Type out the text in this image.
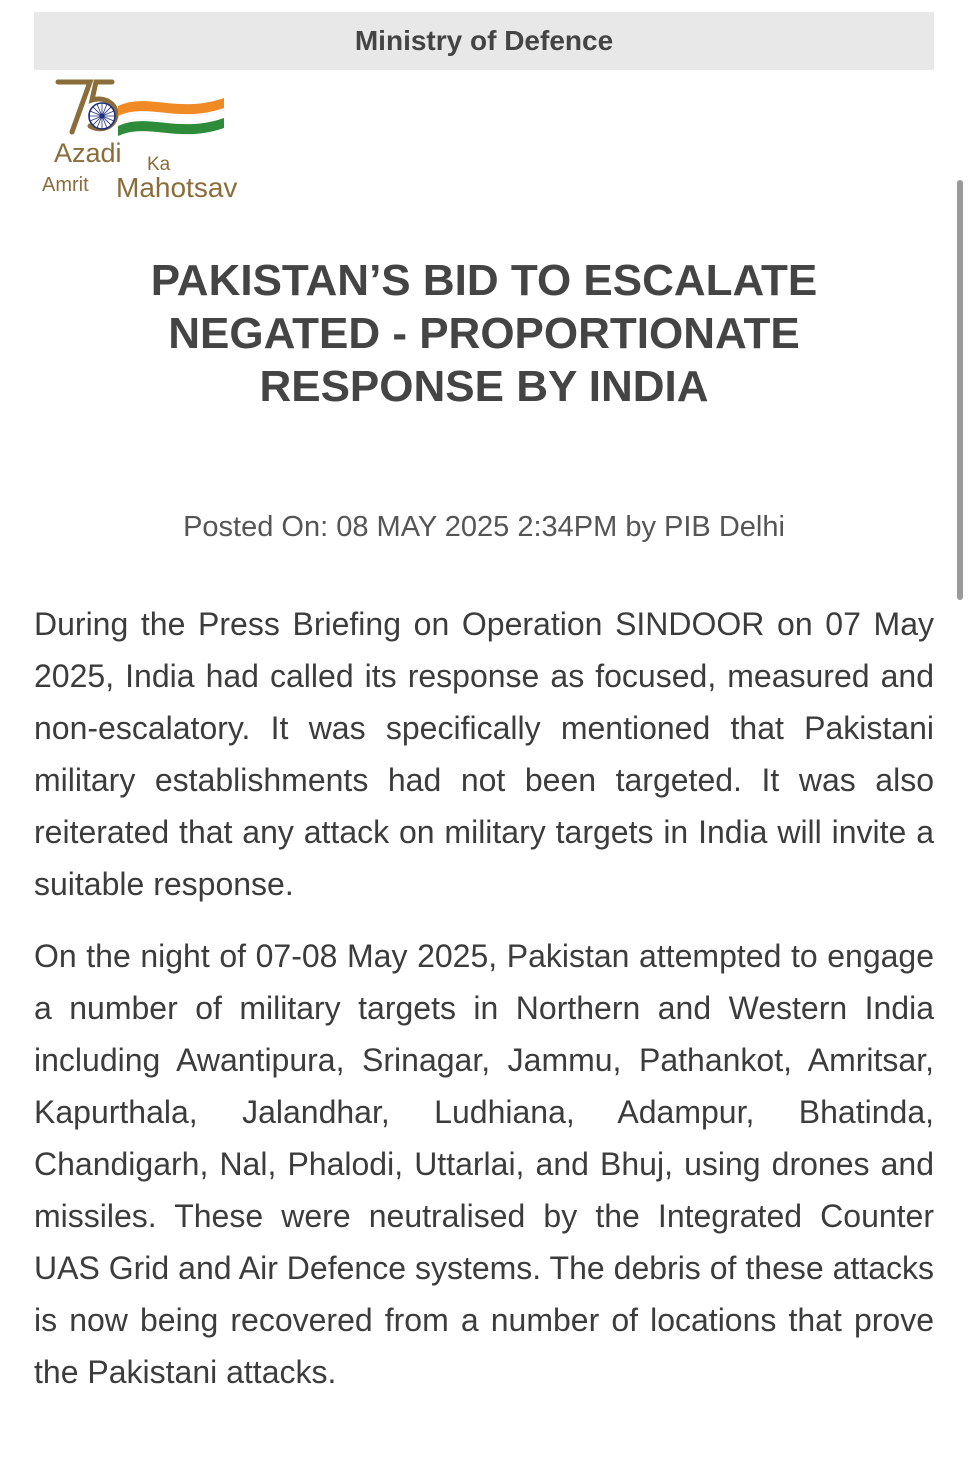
Ministry of Defence
Azadi Ka
Amrit Mahotsav
PAKISTAN’S BID TO ESCALATE NEGATED - PROPORTIONATE RESPONSE BY INDIA
Posted On: 08 MAY 2025 2:34PM by PIB Delhi

During the Press Briefing on Operation SINDOOR on 07 May 2025, India had called its response as focused, measured and non-escalatory. It was specifically mentioned that Pakistani military establishments had not been targeted. It was also reiterated that any attack on military targets in India will invite a suitable response.

On the night of 07-08 May 2025, Pakistan attempted to engage a number of military targets in Northern and Western India including Awantipura, Srinagar, Jammu, Pathankot, Amritsar, Kapurthala, Jalandhar, Ludhiana, Adampur, Bhatinda, Chandigarh, Nal, Phalodi, Uttarlai, and Bhuj, using drones and missiles. These were neutralised by the Integrated Counter UAS Grid and Air Defence systems. The debris of these attacks is now being recovered from a number of locations that prove the Pakistani attacks.
